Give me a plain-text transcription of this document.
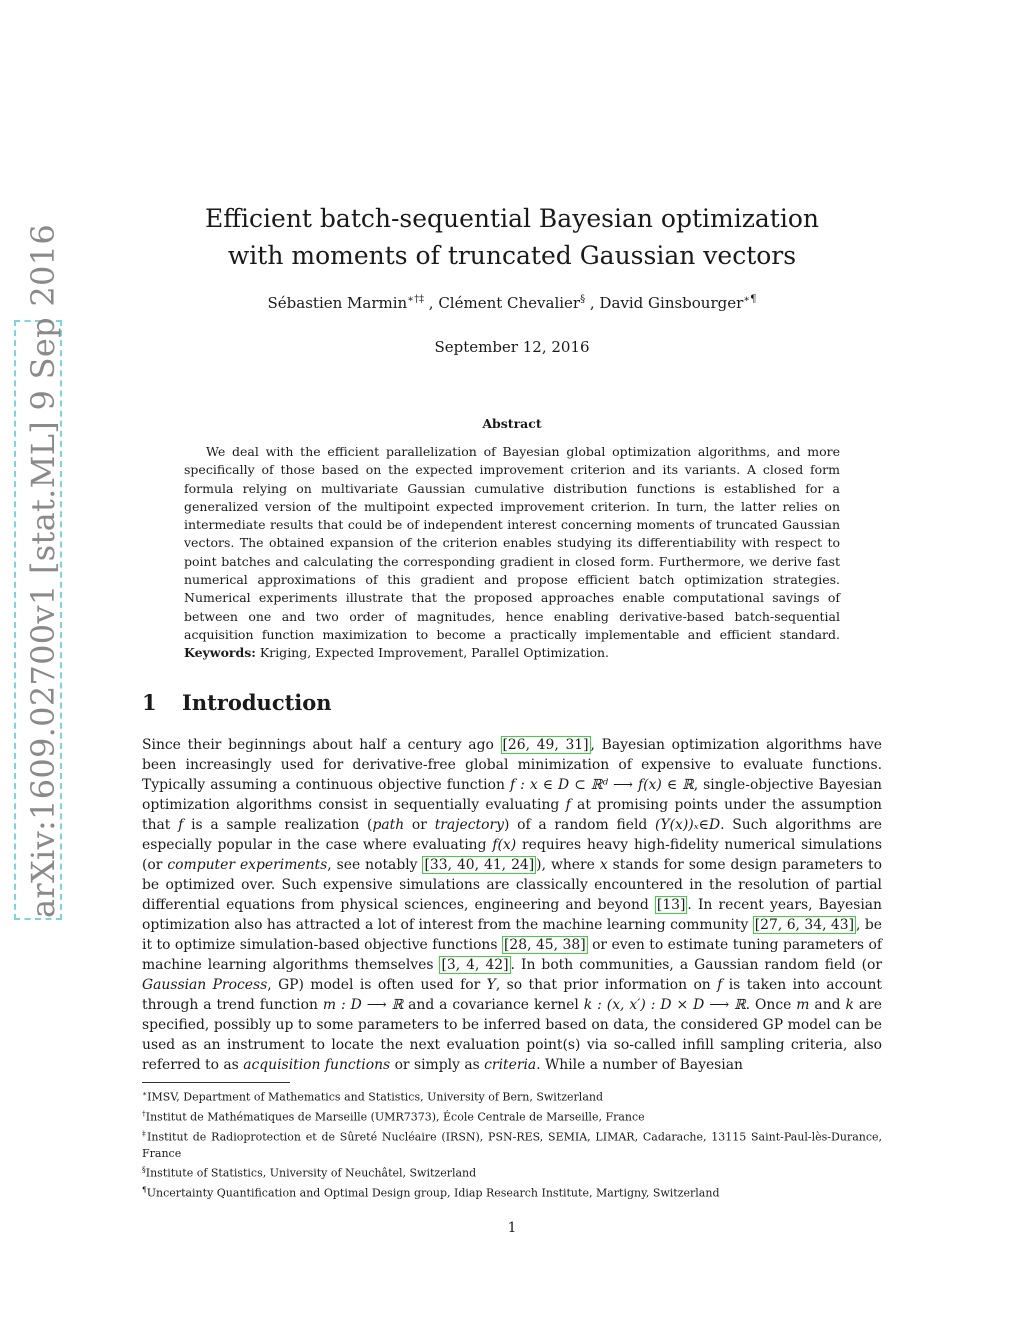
arXiv:1609.02700v1 [stat.ML] 9 Sep 2016
Efficient batch-sequential Bayesian optimization
with moments of truncated Gaussian vectors
Sébastien Marmin∗†‡ , Clément Chevalier§ , David Ginsbourger∗¶
September 12, 2016
Abstract

We deal with the efficient parallelization of Bayesian global optimization algorithms, and more specifically of those based on the expected improvement criterion and its variants. A closed form formula relying on multivariate Gaussian cumulative distribution functions is established for a generalized version of the multipoint expected improvement criterion. In turn, the latter relies on intermediate results that could be of independent interest concerning moments of truncated Gaussian vectors. The obtained expansion of the criterion enables studying its differentiability with respect to point batches and calculating the corresponding gradient in closed form. Furthermore, we derive fast numerical approximations of this gradient and propose efficient batch optimization strategies. Numerical experiments illustrate that the proposed approaches enable computational savings of between one and two order of magnitudes, hence enabling derivative-based batch-sequential acquisition function maximization to become a practically implementable and efficient standard. Keywords: Kriging, Expected Improvement, Parallel Optimization.

1 Introduction

Since their beginnings about half a century ago [26, 49, 31] , Bayesian optimization algorithms have been increasingly used for derivative-free global minimization of expensive to evaluate functions. Typically assuming a continuous objective function f : x ∈ D ⊂ ℝᵈ ⟶ f(x) ∈ ℝ, single-objective Bayesian optimization algorithms consist in sequentially evaluating f at promising points under the assumption that f is a sample realization (path or trajectory) of a random field (Y(x))ₓ∈D. Such algorithms are especially popular in the case where evaluating f(x) requires heavy high-fidelity numerical simulations (or computer experiments, see notably [33, 40, 41, 24] ), where x stands for some design parameters to be optimized over. Such expensive simulations are classically encountered in the resolution of partial differential equations from physical sciences, engineering and beyond [13] . In recent years, Bayesian optimization also has attracted a lot of interest from the machine learning community [27, 6, 34, 43] , be it to optimize simulation-based objective functions [28, 45, 38] or even to estimate tuning parameters of machine learning algorithms themselves [3, 4, 42] . In both communities, a Gaussian random field (or Gaussian Process, GP) model is often used for Y, so that prior information on f is taken into account through a trend function m : D ⟶ ℝ and a covariance kernel k : (x, x′) : D × D ⟶ ℝ. Once m and k are specified, possibly up to some parameters to be inferred based on data, the considered GP model can be used as an instrument to locate the next evaluation point(s) via so-called infill sampling criteria, also referred to as acquisition functions or simply as criteria. While a number of Bayesian

∗IMSV, Department of Mathematics and Statistics, University of Bern, Switzerland

†Institut de Mathématiques de Marseille (UMR7373), École Centrale de Marseille, France

‡Institut de Radioprotection et de Sûreté Nucléaire (IRSN), PSN-RES, SEMIA, LIMAR, Cadarache, 13115 Saint-Paul-lès-Durance, France

§Institute of Statistics, University of Neuchâtel, Switzerland

¶Uncertainty Quantification and Optimal Design group, Idiap Research Institute, Martigny, Switzerland

1
